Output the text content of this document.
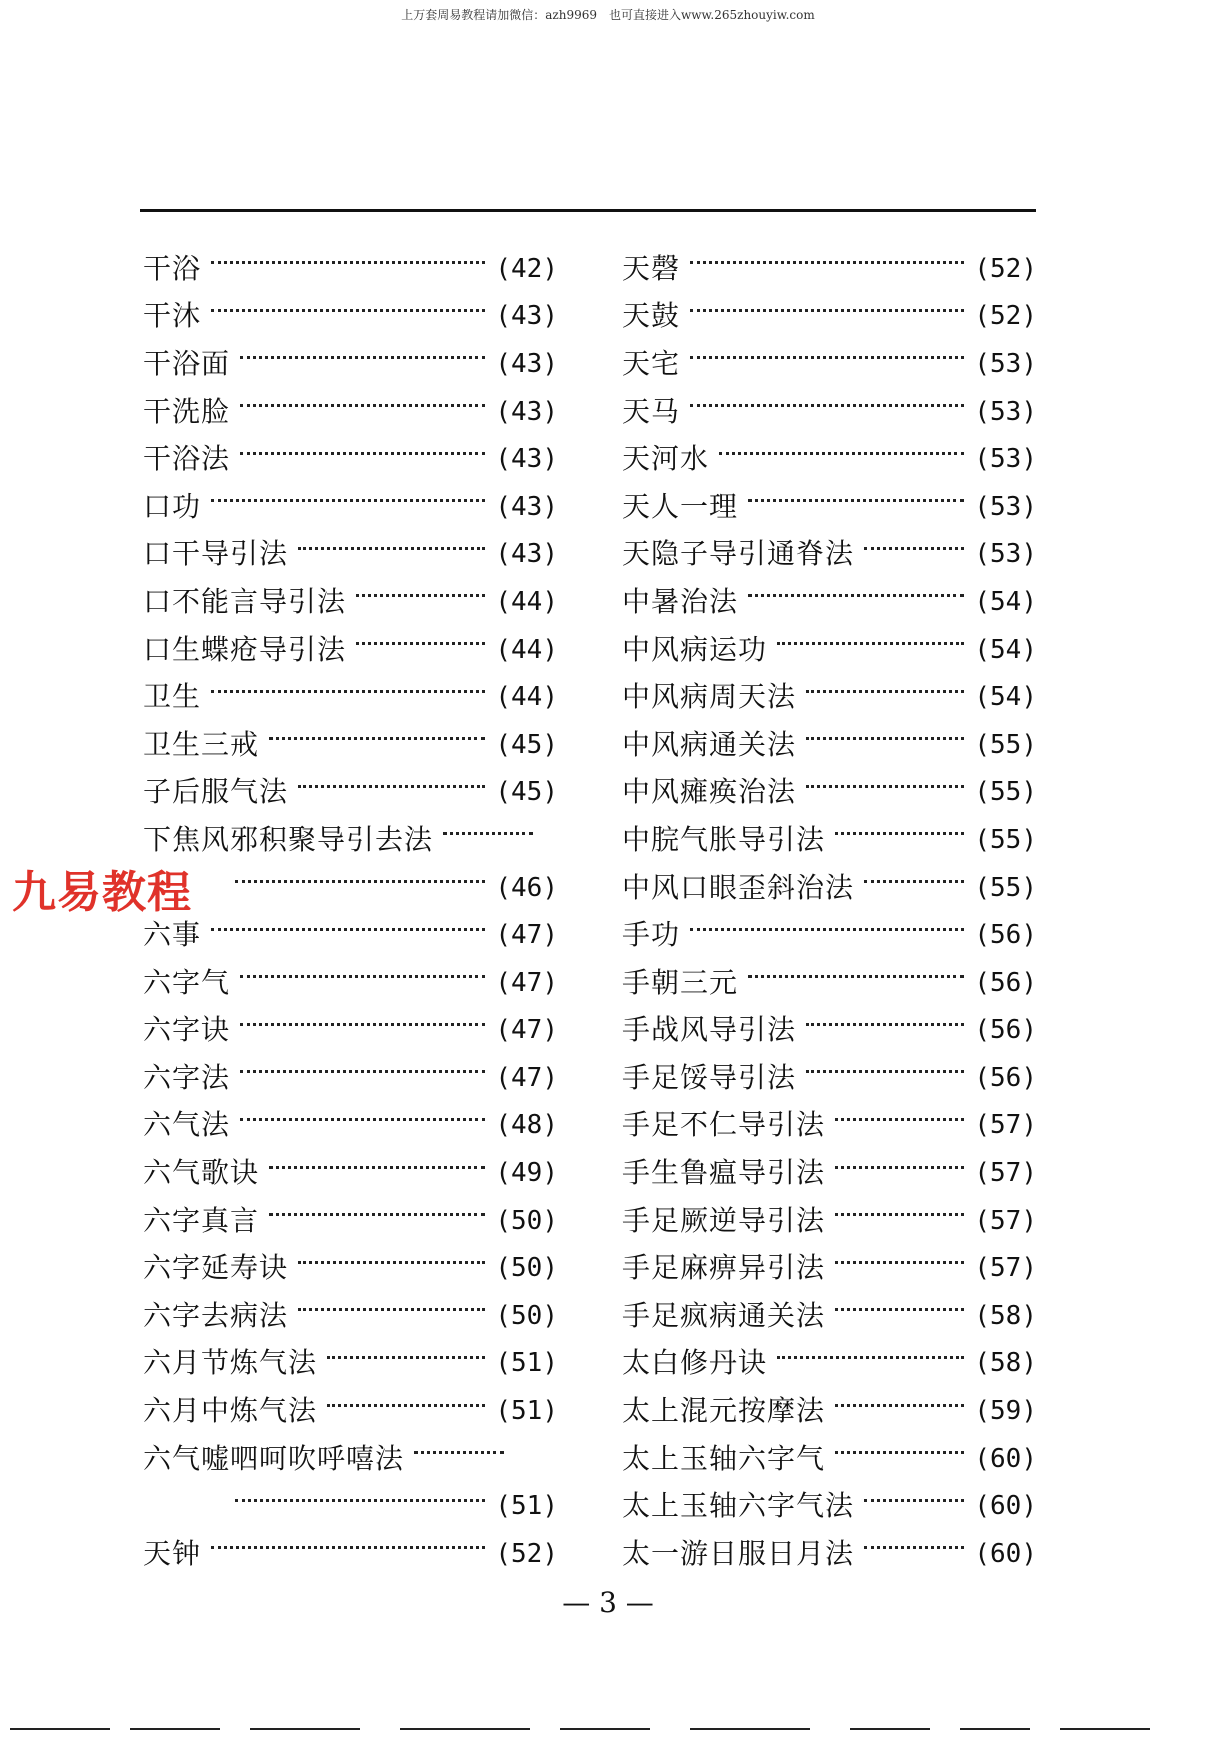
上万套周易教程请加微信：azh9969　也可直接进入www.265zhouyiw.com
干浴	(42)
干沐	(43)
干浴面	(43)
干洗脸	(43)
干浴法	(43)
口功	(43)
口干导引法	(43)
口不能言导引法	(44)
口生蝶疮导引法	(44)
卫生	(44)
卫生三戒	(45)
子后服气法	(45)
下焦风邪积聚导引去法
(46)
六事	(47)
六字气	(47)
六字诀	(47)
六字法	(47)
六气法	(48)
六气歌诀	(49)
六字真言	(50)
六字延寿诀	(50)
六字去病法	(50)
六月节炼气法	(51)
六月中炼气法	(51)
六气嘘呬呵吹呼嘻法
(51)
天钟	(52)
天磬	(52)
天鼓	(52)
天宅	(53)
天马	(53)
天河水	(53)
天人一理	(53)
天隐子导引通脊法	(53)
中暑治法	(54)
中风病运功	(54)
中风病周天法	(54)
中风病通关法	(55)
中风瘫痪治法	(55)
中脘气胀导引法	(55)
中风口眼歪斜治法	(55)
手功	(56)
手朝三元	(56)
手战风导引法	(56)
手足馁导引法	(56)
手足不仁导引法	(57)
手生鲁瘟导引法	(57)
手足厥逆导引法	(57)
手足麻痹异引法	(57)
手足疯病通关法	(58)
太白修丹诀	(58)
太上混元按摩法	(59)
太上玉轴六字气	(60)
太上玉轴六字气法	(60)
太一游日服日月法	(60)
九易教程
— 3 —
